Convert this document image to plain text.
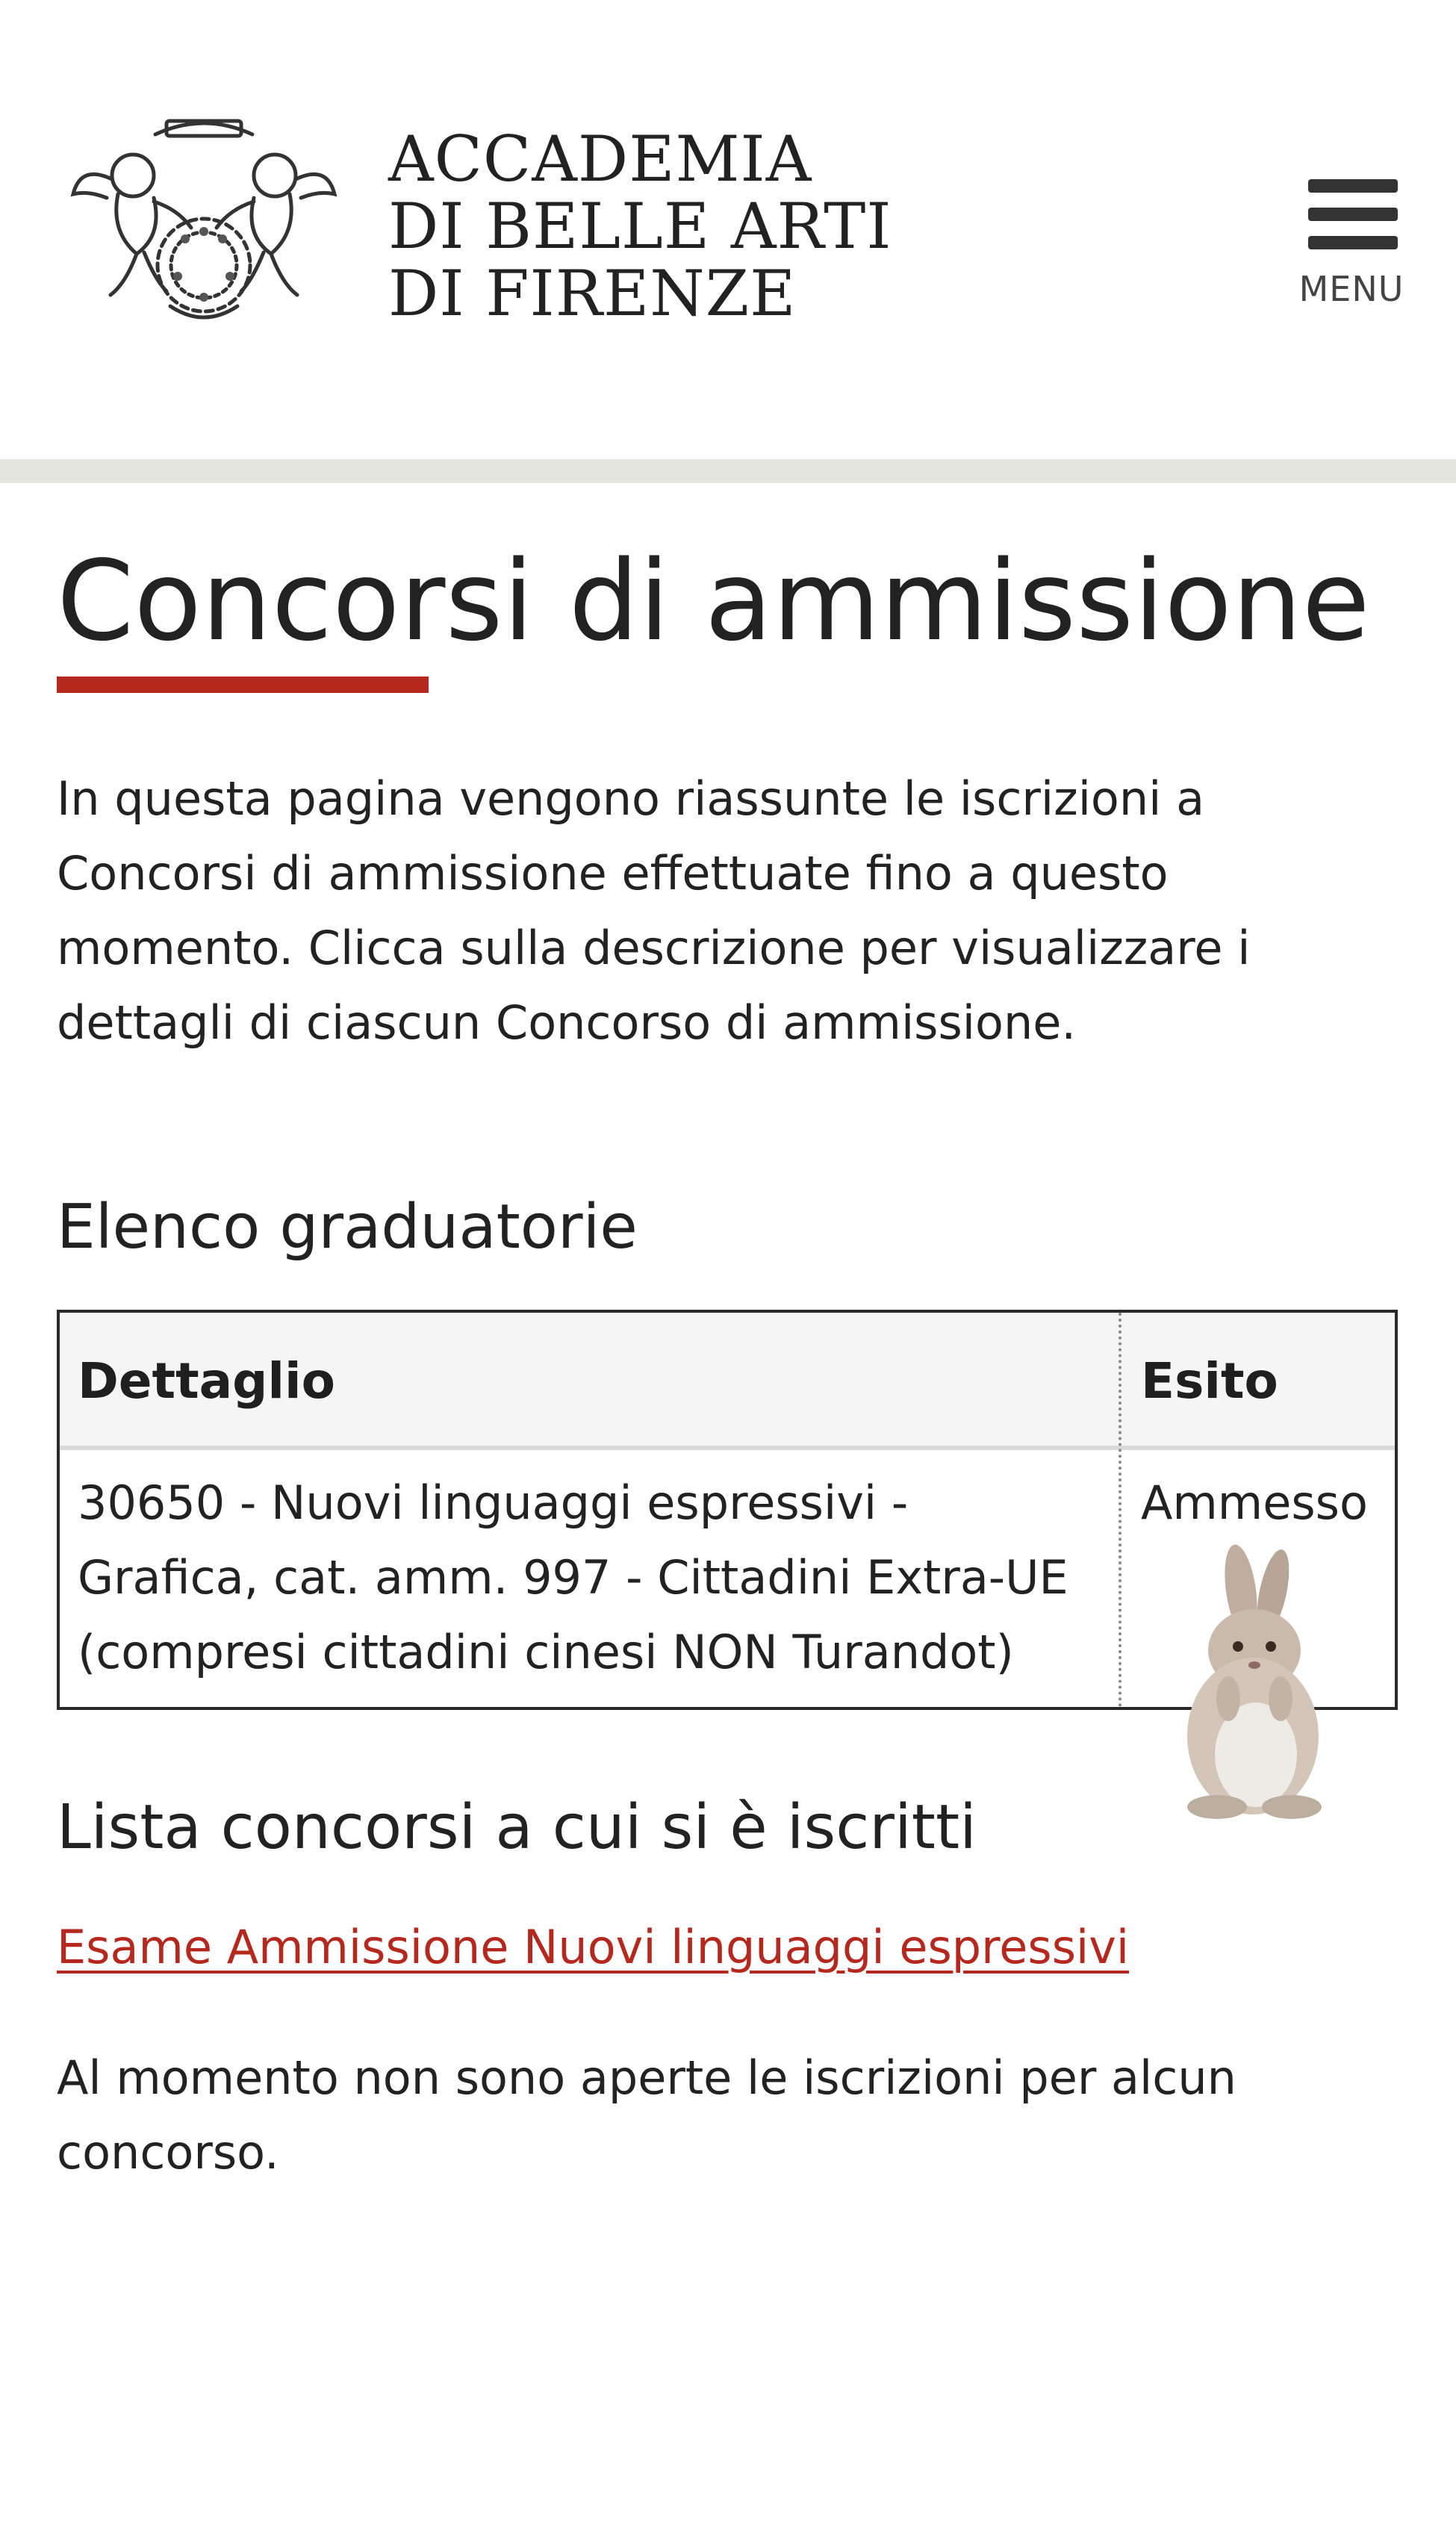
ACCADEMIA
DI BELLE ARTI
DI FIRENZE	MENU
Concorsi di ammissione

In questa pagina vengono riassunte le iscrizioni a Concorsi di ammissione effettuate fino a questo momento. Clicca sulla descrizione per visualizzare i dettagli di ciascun Concorso di ammissione.

Elenco graduatorie
Dettaglio	Esito
30650 - Nuovi linguaggi espressivi - Grafica, cat. amm. 997 - Cittadini Extra-UE (compresi cittadini cinesi NON Turandot)
Ammesso
Lista concorsi a cui si è iscritti
Esame Ammissione Nuovi linguaggi espressivi

Al momento non sono aperte le iscrizioni per alcun concorso.
